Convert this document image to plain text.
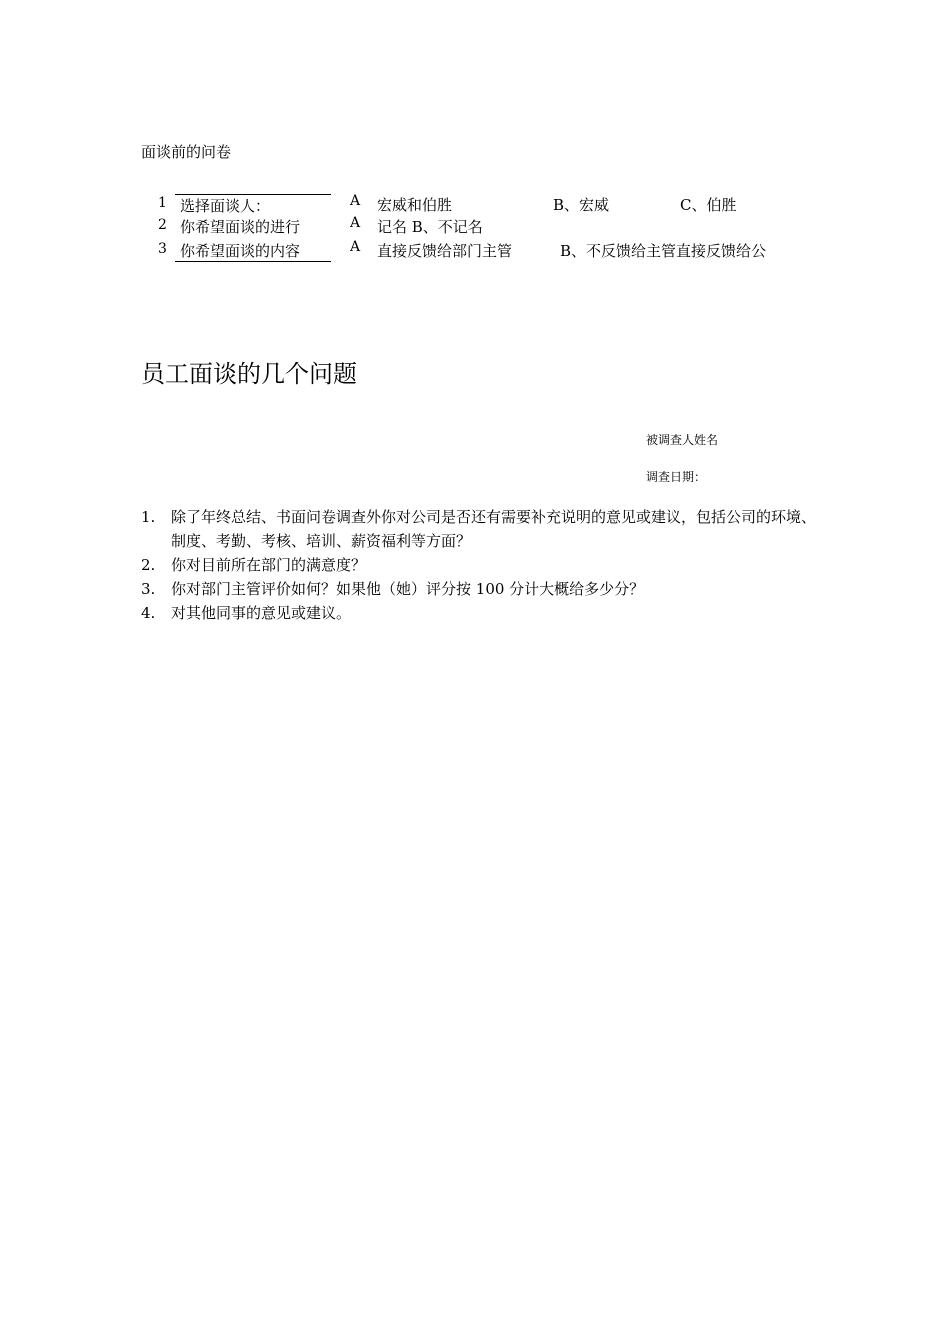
面谈前的问卷
1 选择面谈人：	A 宏威和伯胜	B、宏威	C、伯胜
2 你希望面谈的进行	A 记名 B、不记名
3 你希望面谈的内容	A 直接反馈给部门主管	B、不反馈给主管直接反馈给公
员工面谈的几个问题
被调查人姓名
调查日期：
1.	除了年终总结、书面问卷调查外你对公司是否还有需要补充说明的意见或建议，包括公司的环境、制度、考勤、考核、培训、薪资福利等方面？
2.	你对目前所在部门的满意度？
3.	你对部门主管评价如何？如果他（她）评分按 100 分计大概给多少分？
4.	对其他同事的意见或建议。
